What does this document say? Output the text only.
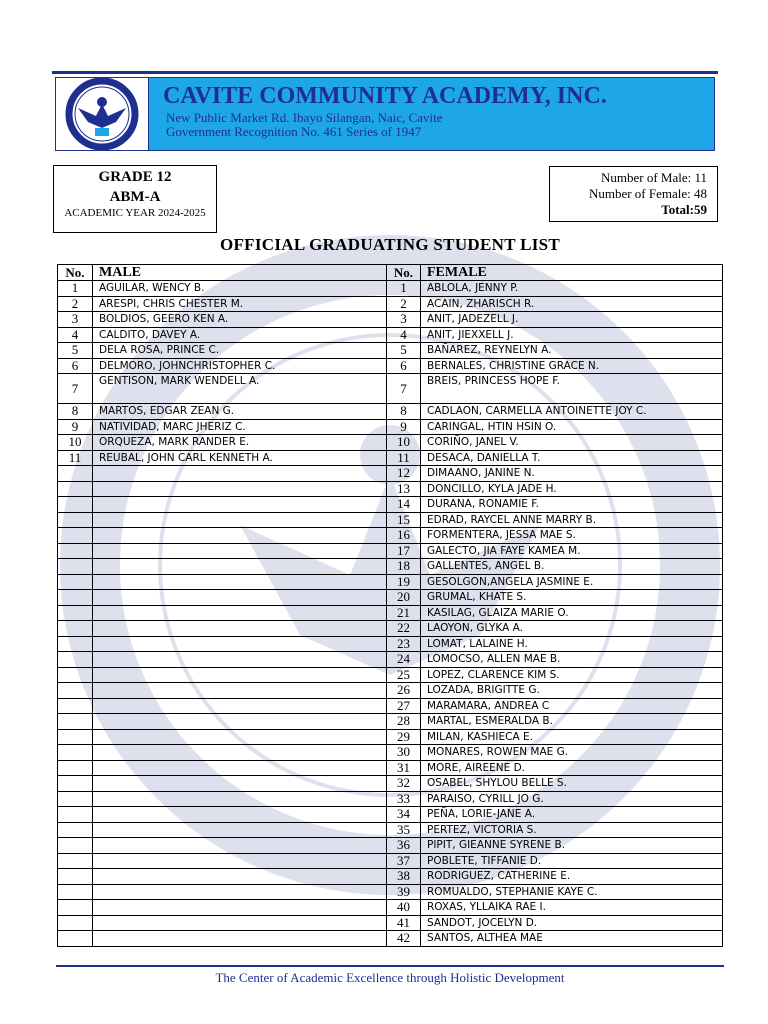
CAVITE COMMUNITY ACADEMY, INC.
New Public Market Rd. Ibayo Silangan, Naic, Cavite
Government Recognition No. 461 Series of 1947
GRADE 12
ABM-A
ACADEMIC YEAR 2024-2025
Number of Male: 11
Number of Female: 48
Total:59
OFFICIAL GRADUATING STUDENT LIST
No.	MALE	No.	FEMALE
1	AGUILAR, WENCY B.	1	ABLOLA, JENNY P.
2	ARESPI, CHRIS CHESTER M.	2	ACAIN, ZHARISCH R.
3	BOLDIOS, GEERO KEN A.	3	ANIT, JADEZELL J.
4	CALDITO, DAVEY A.	4	ANIT, JIEXXELL J.
5	DELA ROSA, PRINCE C.	5	BAÑAREZ, REYNELYN A.
6	DELMORO, JOHNCHRISTOPHER C.	6	BERNALES, CHRISTINE GRACE N.
7	GENTISON, MARK WENDELL A.	7	BREIS, PRINCESS HOPE F.
8	MARTOS, EDGAR ZEAN G.	8	CADLAON, CARMELLA ANTOINETTE JOY C.
9	NATIVIDAD, MARC JHERIZ C.	9	CARINGAL, HTIN HSIN O.
10	ORQUEZA, MARK RANDER E.	10	CORIÑO, JANEL V.
11	REUBAL, JOHN CARL KENNETH A.	11	DESACA, DANIELLA T.
		12	DIMAANO, JANINE N.
		13	DONCILLO, KYLA JADE H.
		14	DURANA, RONAMIE F.
		15	EDRAD, RAYCEL ANNE MARRY B.
		16	FORMENTERA, JESSA MAE S.
		17	GALECTO, JIA FAYE KAMEA M.
		18	GALLENTES, ANGEL B.
		19	GESOLGON,ANGELA JASMINE E.
		20	GRUMAL, KHATE S.
		21	KASILAG, GLAIZA MARIE O.
		22	LAOYON, GLYKA A.
		23	LOMAT, LALAINE H.
		24	LOMOCSO, ALLEN MAE B.
		25	LOPEZ, CLARENCE KIM S.
		26	LOZADA, BRIGITTE G.
		27	MARAMARA, ANDREA C
		28	MARTAL, ESMERALDA B.
		29	MILAN, KASHIECA E.
		30	MONARES, ROWEN MAE G.
		31	MORE, AIREENE D.
		32	OSABEL, SHYLOU BELLE S.
		33	PARAISO, CYRILL JO G.
		34	PEÑA, LORIE-JANE A.
		35	PERTEZ, VICTORIA S.
		36	PIPIT, GIEANNE SYRENE B.
		37	POBLETE, TIFFANIE D.
		38	RODRIGUEZ, CATHERINE E.
		39	ROMUALDO, STEPHANIE KAYE C.
		40	ROXAS, YLLAIKA RAE I.
		41	SANDOT, JOCELYN D.
		42	SANTOS, ALTHEA MAE
The Center of Academic Excellence through Holistic Development
